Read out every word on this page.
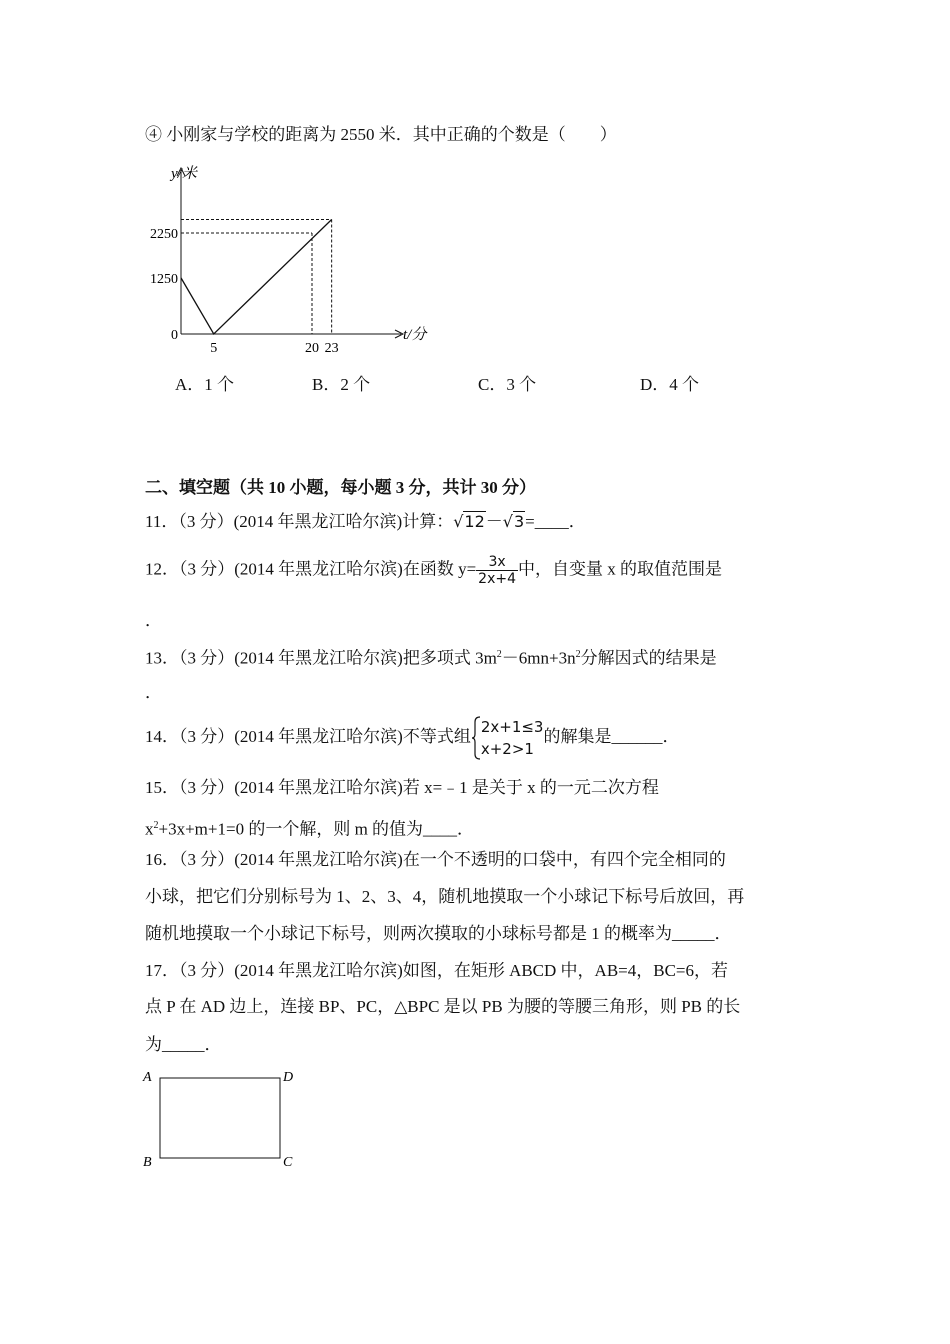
④ 小刚家与学校的距离为 2550 米．其中正确的个数是（　　）
0
1250
2250
5	20 23
y/米
t/分
A．1 个	B．2 个	C．3 个	D．4 个
二、填空题（共 10 小题，每小题 3 分，共计 30 分）
11．（3 分）(2014 年黑龙江哈尔滨)计算：√12－√3=____．
12．（3 分）(2014 年黑龙江哈尔滨)在函数 $y= \frac{3x}{2x+4}$ 中，自变量 x 的取值范围是
．
13．（3 分）(2014 年黑龙江哈尔滨)把多项式 $3m^2-6mn+3n^2$分解因式的结果是
．
14．（3 分）(2014 年黑龙江哈尔滨)不等式组 2x+1≤3
x+2>1
的解集是______．
15．（3 分）(2014 年黑龙江哈尔滨)若 x=﹣1 是关于 x 的一元二次方程
$x^2+3x+m+1=0$ 的一个解，则 m 的值为____．
16．（3 分）(2014 年黑龙江哈尔滨)在一个不透明的口袋中，有四个完全相同的
小球，把它们分别标号为 1、2、3、4，随机地摸取一个小球记下标号后放回，再
随机地摸取一个小球记下标号，则两次摸取的小球标号都是 1 的概率为_____．
17．（3 分）(2014 年黑龙江哈尔滨)如图，在矩形 ABCD 中，AB=4，BC=6，若
点 P 在 AD 边上，连接 BP、PC，△BPC 是以 PB 为腰的等腰三角形，则 PB 的长
为_____．
A	D
B	C
